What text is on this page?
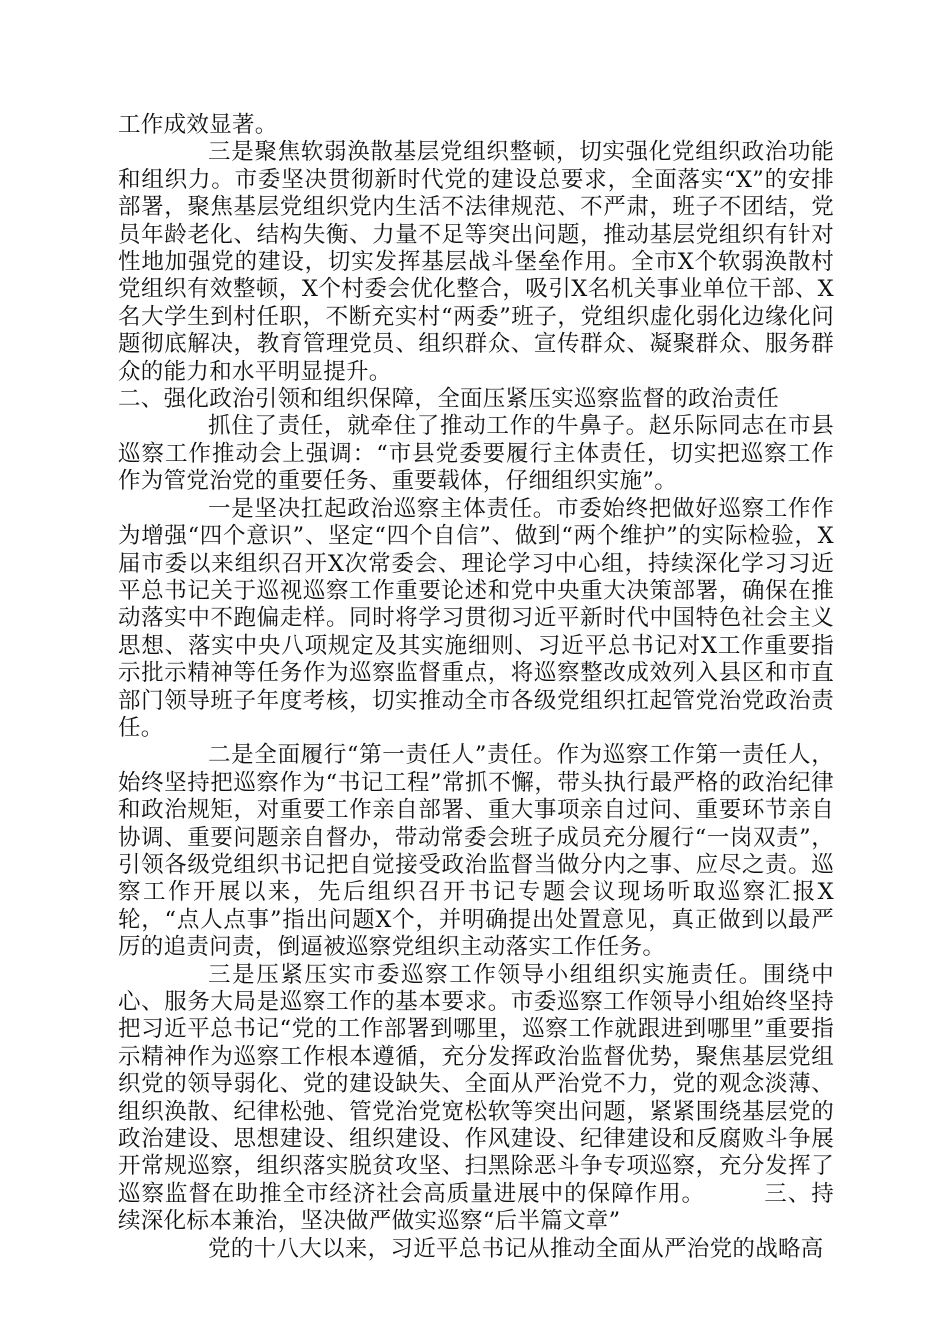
工作成效显著。

三是聚焦软弱涣散基层党组织整顿，切实强化党组织政治功能和组织力。市委坚决贯彻新时代党的建设总要求，全面落实“X”的安排部署，聚焦基层党组织党内生活不法律规范、不严肃，班子不团结，党员年龄老化、结构失衡、力量不足等突出问题，推动基层党组织有针对性地加强党的建设，切实发挥基层战斗堡垒作用。全市X个软弱涣散村党组织有效整顿，X个村委会优化整合，吸引X名机关事业单位干部、X名大学生到村任职，不断充实村“两委”班子，党组织虚化弱化边缘化问题彻底解决，教育管理党员、组织群众、宣传群众、凝聚群众、服务群众的能力和水平明显提升。

二、强化政治引领和组织保障，全面压紧压实巡察监督的政治责任

抓住了责任，就牵住了推动工作的牛鼻子。赵乐际同志在市县巡察工作推动会上强调：“市县党委要履行主体责任，切实把巡察工作作为管党治党的重要任务、重要载体，仔细组织实施”。

一是坚决扛起政治巡察主体责任。市委始终把做好巡察工作作为增强“四个意识”、坚定“四个自信”、做到“两个维护”的实际检验，X届市委以来组织召开X次常委会、理论学习中心组，持续深化学习习近平总书记关于巡视巡察工作重要论述和党中央重大决策部署，确保在推动落实中不跑偏走样。同时将学习贯彻习近平新时代中国特色社会主义思想、落实中央八项规定及其实施细则、习近平总书记对X工作重要指示批示精神等任务作为巡察监督重点，将巡察整改成效列入县区和市直部门领导班子年度考核，切实推动全市各级党组织扛起管党治党政治责任。

二是全面履行“第一责任人”责任。作为巡察工作第一责任人，始终坚持把巡察作为“书记工程”常抓不懈，带头执行最严格的政治纪律和政治规矩，对重要工作亲自部署、重大事项亲自过问、重要环节亲自协调、重要问题亲自督办，带动常委会班子成员充分履行“一岗双责”，引领各级党组织书记把自觉接受政治监督当做分内之事、应尽之责。巡察工作开展以来，先后组织召开书记专题会议现场听取巡察汇报X轮，“点人点事”指出问题X个，并明确提出处置意见，真正做到以最严厉的追责问责，倒逼被巡察党组织主动落实工作任务。

三是压紧压实市委巡察工作领导小组组织实施责任。围绕中心、服务大局是巡察工作的基本要求。市委巡察工作领导小组始终坚持把习近平总书记“党的工作部署到哪里，巡察工作就跟进到哪里”重要指示精神作为巡察工作根本遵循，充分发挥政治监督优势，聚焦基层党组织党的领导弱化、党的建设缺失、全面从严治党不力，党的观念淡薄、组织涣散、纪律松弛、管党治党宽松软等突出问题，紧紧围绕基层党的政治建设、思想建设、组织建设、作风建设、纪律建设和反腐败斗争展开常规巡察，组织落实脱贫攻坚、扫黑除恶斗争专项巡察，充分发挥了巡察监督在助推全市经济社会高质量进展中的保障作用。　　　三、持续深化标本兼治，坚决做严做实巡察“后半篇文章”

党的十八大以来，习近平总书记从推动全面从严治党的战略高
